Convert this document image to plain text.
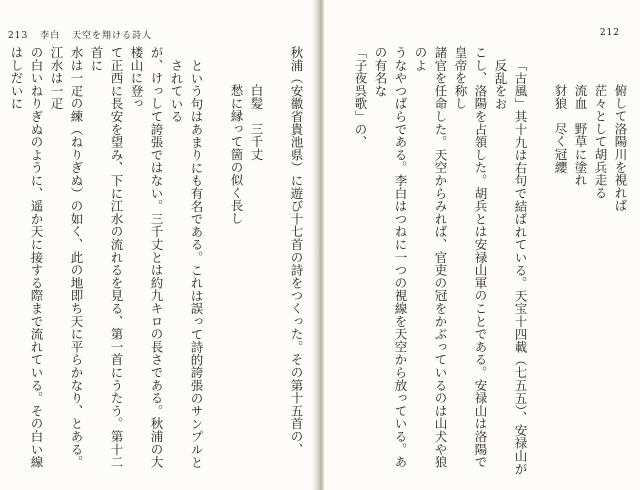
213 李白 天空を翔ける詩人

秋浦（安徽省貴池県）に遊び十七首の詩をつくった。その第十五首の、

白髪　三千丈

愁に縁って箇の似く長し

という句はあまりにも有名である。これは誤って詩的誇張のサンプルとされている

が、けっして誇張ではない。三千丈とは約九キロの長さである。秋浦の大楼山に登っ

て正西に長安を望み、下に江水の流れるを見る、第一首にうたう。第十二首に

水は一疋の練（ねりぎぬ）の如く、此の地即ち天に平らかなり、とある。江水は一疋

の白いねりぎぬのように、遥か天に接する際まで流れている。その白い線はしだいに

212

俯して洛陽川を視れば

茫々として胡兵走る

流血　野草に塗れ

豺狼　尽く冠纓

「古風」其十九は右句で結ばれている。天宝十四載（七五五）、安禄山が反乱をお

こし、洛陽を占領した。胡兵とは安禄山軍のことである。安禄山は洛陽で皇帝を称し

諸官を任命した。天空からみれば、官吏の冠をかぶっているのは山犬や狼のよ

うなやつばらである。李白はつねに一つの視線を天空から放っている。あの有名な

「子夜呉歌」の、
